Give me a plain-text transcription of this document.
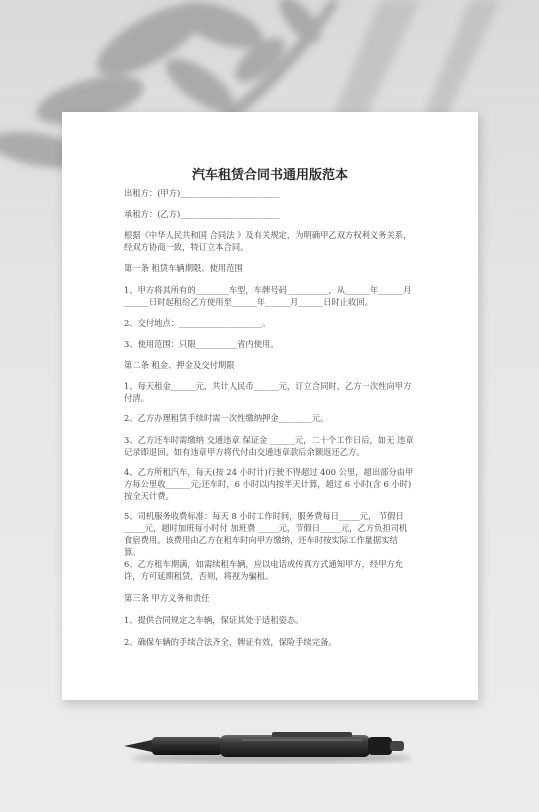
汽车租赁合同书通用版范本
出租方：(甲方)________________________
承租方：(乙方)________________________
根据《中华人民共和国 合同法 》及有关规定，为明确甲乙双方权利义务关系，经双方协商一致，特订立本合同。
第一条 租赁车辆期限、使用范围
1、甲方将其所有的________车型，车牌号码__________，从______年______月______日时起租给乙方使用至______年______月______日时止收回。
2、交付地点：____________________。
3、使用范围：只限__________省内使用。
第二条 租金、押金及交付期限
1、每天租金______元，共计人民币______元，订立合同时，乙方一次性向甲方付清。
2、乙方办理租赁手续时需一次性缴纳押金________元。
3、乙方还车时需缴纳 交通违章 保证金 ______元，二十个工作日后，如无 违章 记录即退回。如有违章甲方将代付由交通违章款后余额返还乙方。
4、乙方所租汽车，每天(按 24 小时计)行驶不得超过 400 公里，超出部分由甲方每公里收______元;还车时，6 小时以内按半天计算，超过 6 小时(含 6 小时)按全天计费。
5、司机服务收费标准：每天 8 小时工作时间，服务费每日_____元， 节假日 _____元，超时加班每小时付 加班费 _____元，节假日_____元，乙方负担司机食宿费用。该费用由乙方在租车时向甲方缴纳，还车时按实际工作量据实结算。
6、乙方租车期满，如需续租车辆，应以电话或传真方式通知甲方，经甲方允许，方可延期租赁，否则，将视为骗租。
第三条 甲方义务和责任
1、提供合同规定之车辆，保证其处于适租姿态。
2、确保车辆的手续合法齐全，牌证有效，保险手续完备。
